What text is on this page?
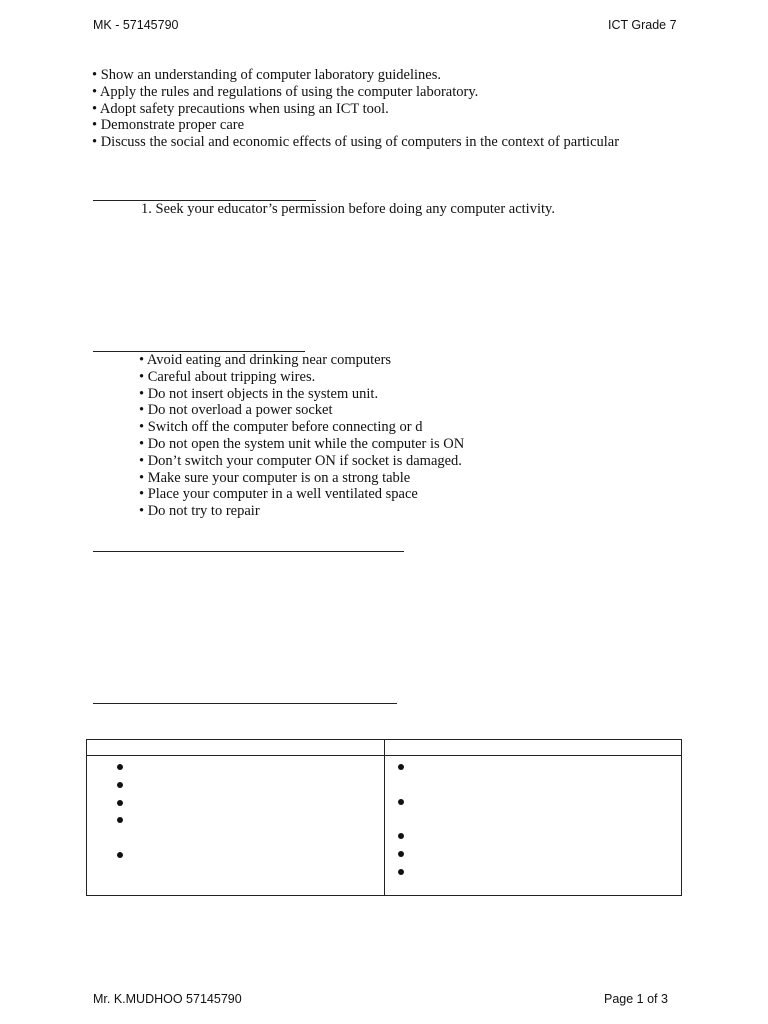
MK - 57145790	ICT Grade 7
• Show an understanding of computer laboratory guidelines.
• Apply the rules and regulations of using the computer laboratory.
• Adopt safety precautions when using an ICT tool.
• Demonstrate proper care
• Discuss the social and economic effects of using of computers in the context of particular
1. Seek your educator’s permission before doing any computer activity.
• Avoid eating and drinking near computers
• Careful about tripping wires.
• Do not insert objects in the system unit.
• Do not overload a power socket
• Switch off the computer before connecting or d
• Do not open the system unit while the computer is ON
• Don’t switch your computer ON if socket is damaged.
• Make sure your computer is on a strong table
• Place your computer in a well ventilated space
• Do not try to repair

Mr. K.MUDHOO 57145790	Page 1 of 3
